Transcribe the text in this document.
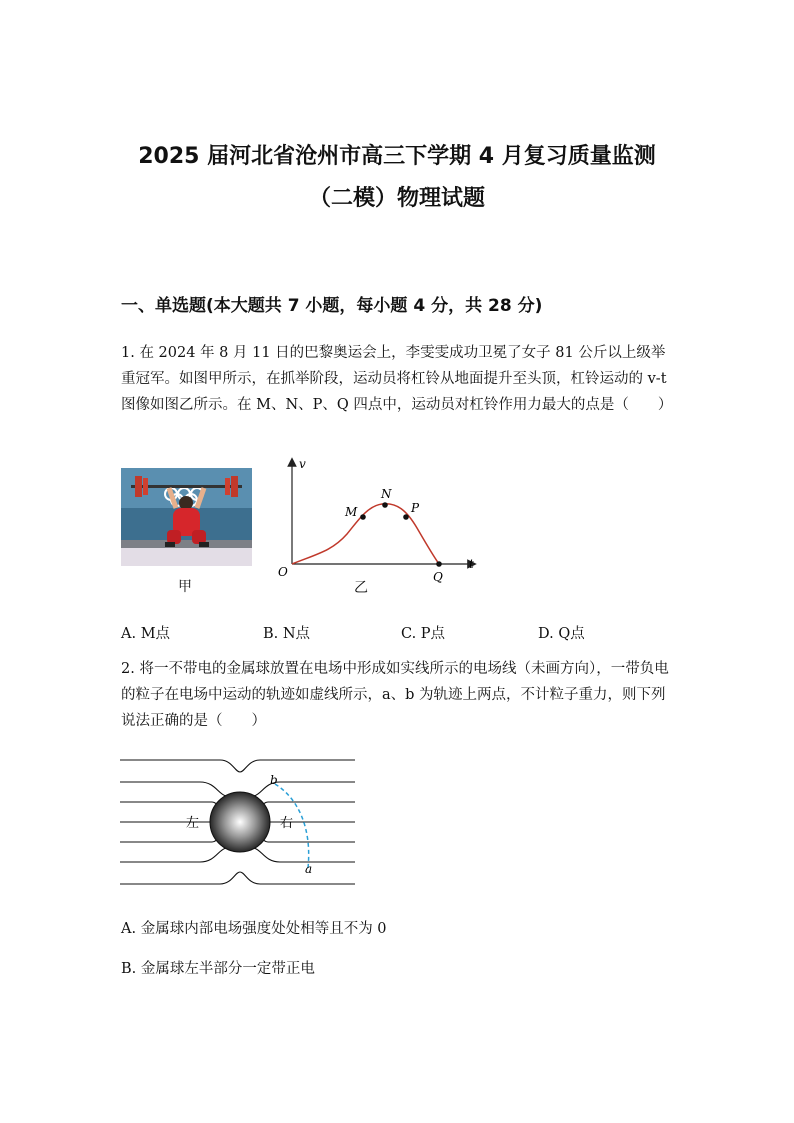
2025 届河北省沧州市高三下学期 4 月复习质量监测
（二模）物理试题
一、单选题(本大题共 7 小题，每小题 4 分，共 28 分)
1. 在 2024 年 8 月 11 日的巴黎奥运会上，李雯雯成功卫冕了女子 81 公斤以上级举重冠军。如图甲所示，在抓举阶段，运动员将杠铃从地面提升至头顶，杠铃运动的 v-t 图像如图乙所示。在 M、N、P、Q 四点中，运动员对杠铃作用力最大的点是（　　）
甲
v
t
O
M
N
P
Q
乙
A. M点	B. N点	C. P点	D. Q点
2. 将一不带电的金属球放置在电场中形成如实线所示的电场线（未画方向），一带负电的粒子在电场中运动的轨迹如虚线所示，a、b 为轨迹上两点，不计粒子重力，则下列说法正确的是（　　）
b
a
左	右
A. 金属球内部电场强度处处相等且不为 0
B. 金属球左半部分一定带正电
